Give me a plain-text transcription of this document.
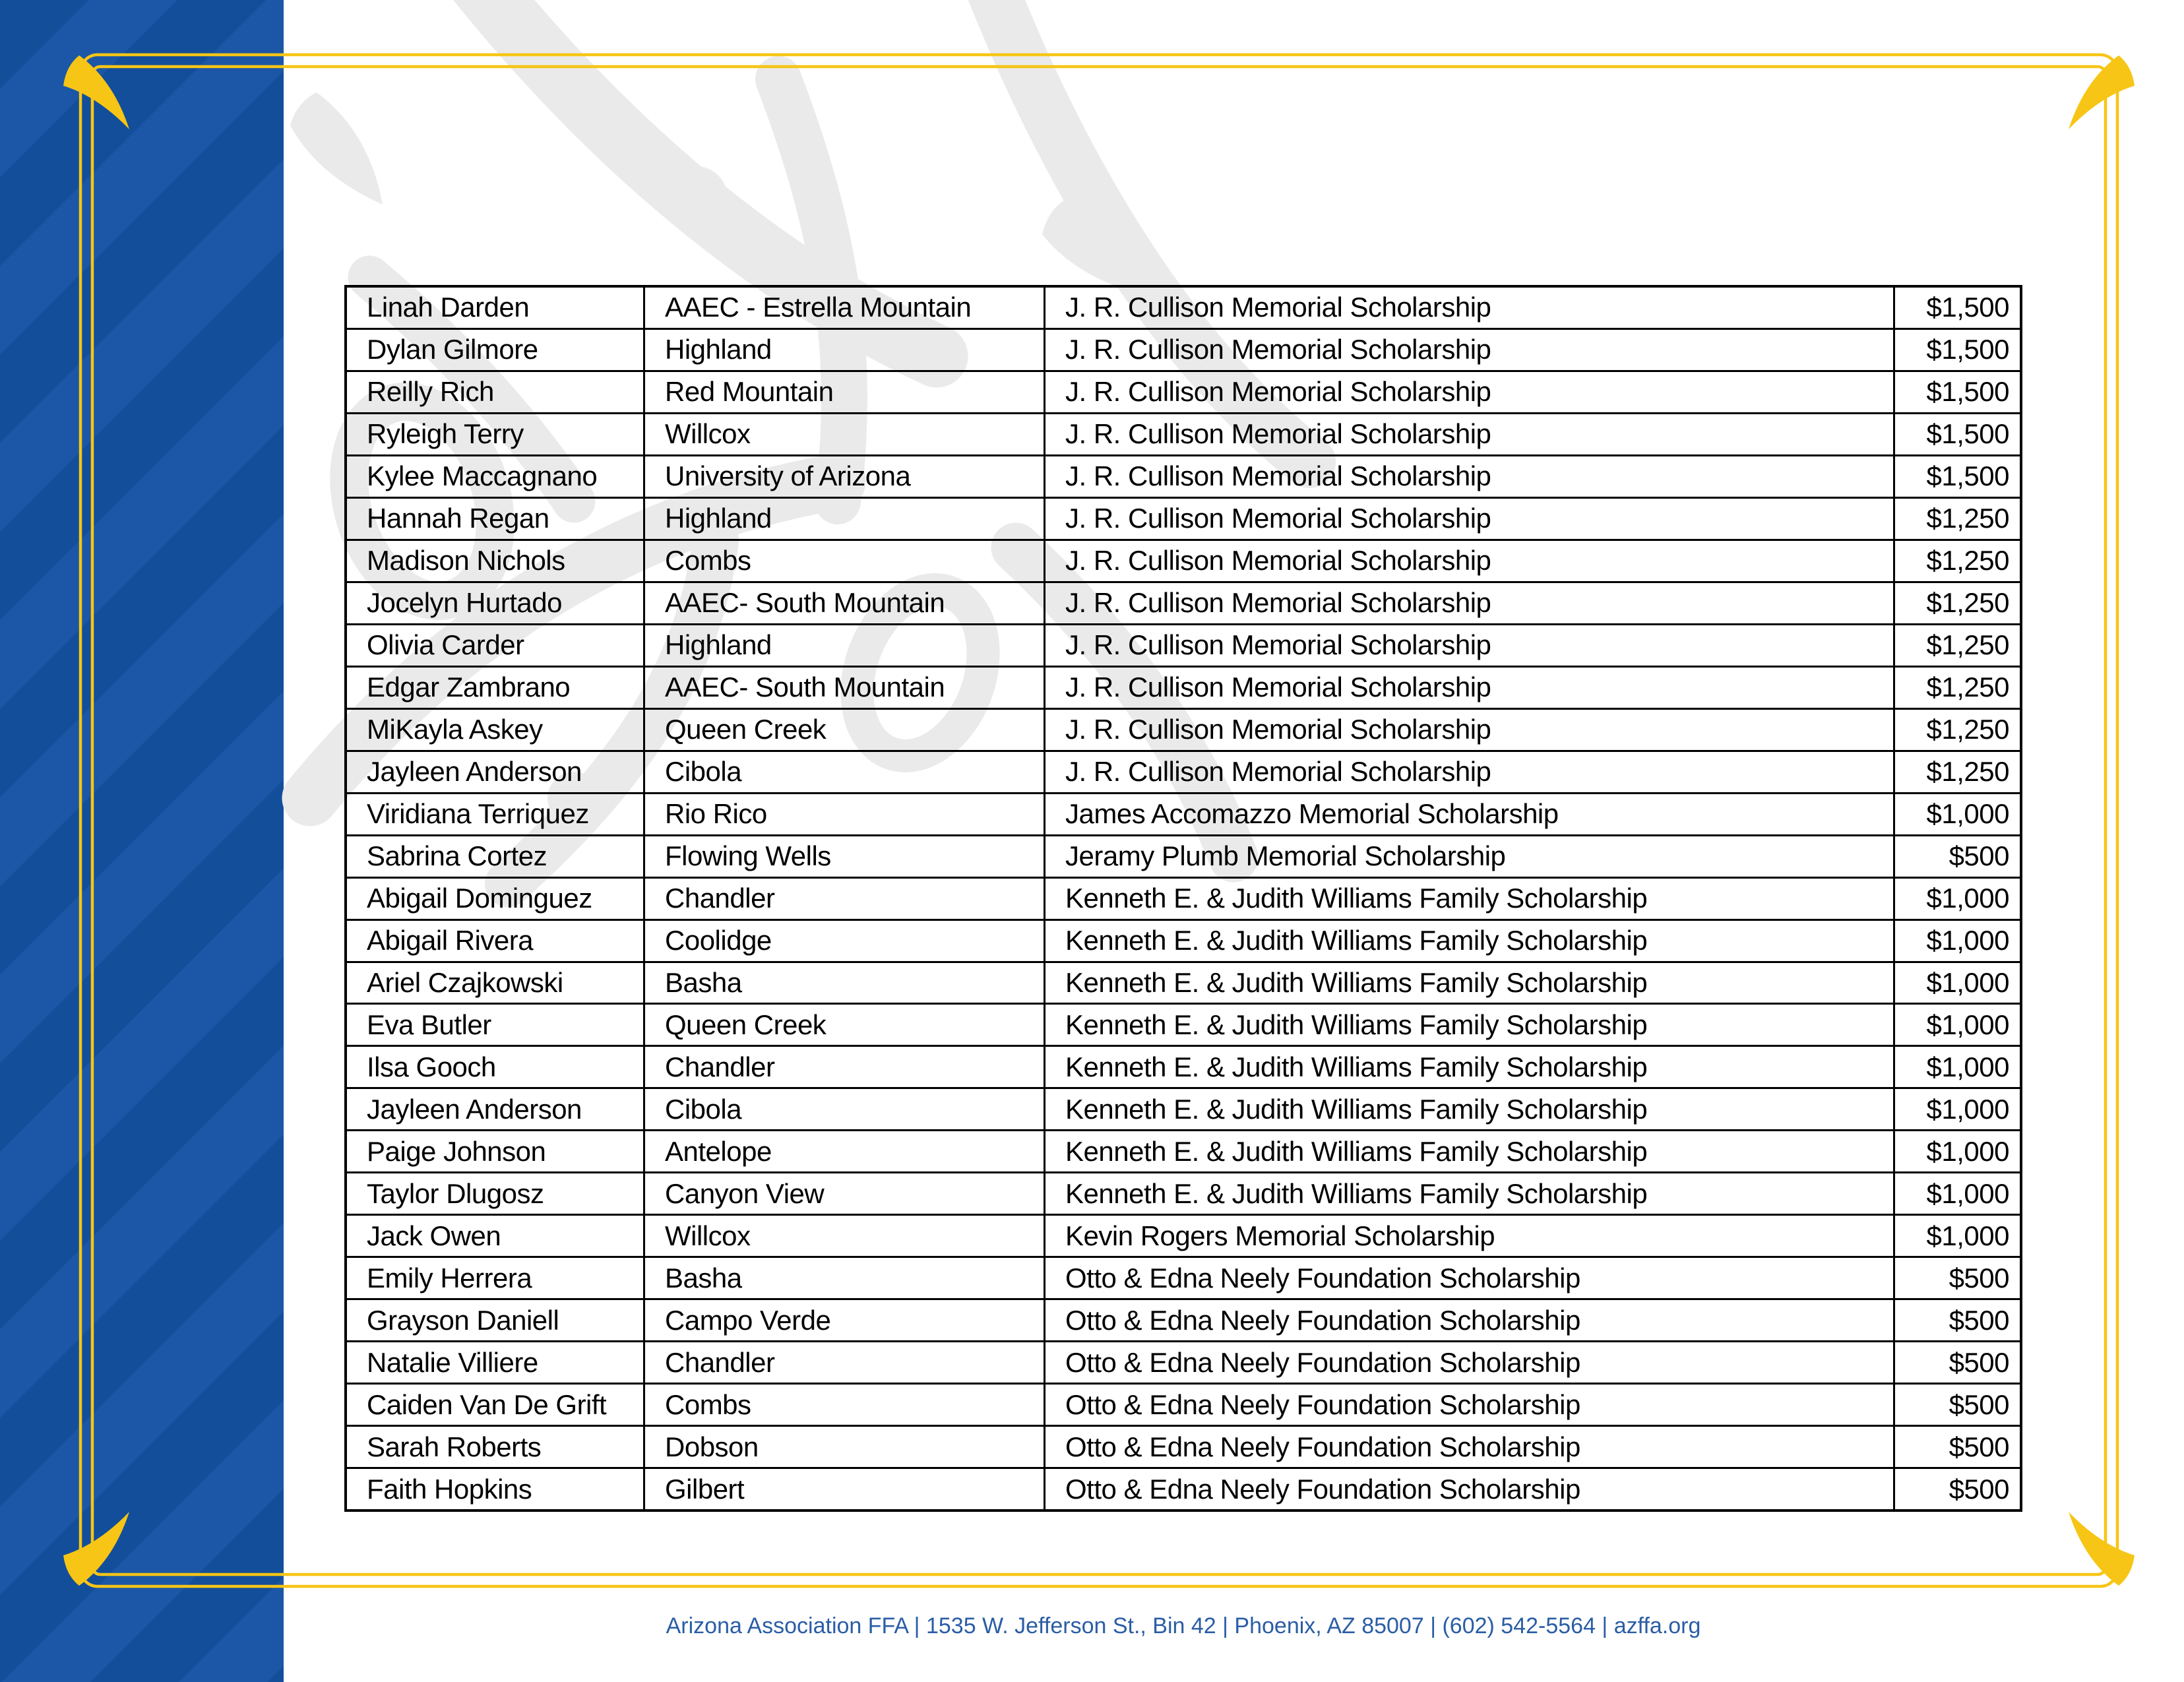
Linah Darden	AAEC - Estrella Mountain	J. R. Cullison Memorial Scholarship	$1,500
Dylan Gilmore	Highland	J. R. Cullison Memorial Scholarship	$1,500
Reilly Rich	Red Mountain	J. R. Cullison Memorial Scholarship	$1,500
Ryleigh Terry	Willcox	J. R. Cullison Memorial Scholarship	$1,500
Kylee Maccagnano	University of Arizona	J. R. Cullison Memorial Scholarship	$1,500
Hannah Regan	Highland	J. R. Cullison Memorial Scholarship	$1,250
Madison Nichols	Combs	J. R. Cullison Memorial Scholarship	$1,250
Jocelyn Hurtado	AAEC- South Mountain	J. R. Cullison Memorial Scholarship	$1,250
Olivia Carder	Highland	J. R. Cullison Memorial Scholarship	$1,250
Edgar Zambrano	AAEC- South Mountain	J. R. Cullison Memorial Scholarship	$1,250
MiKayla Askey	Queen Creek	J. R. Cullison Memorial Scholarship	$1,250
Jayleen Anderson	Cibola	J. R. Cullison Memorial Scholarship	$1,250
Viridiana Terriquez	Rio Rico	James Accomazzo Memorial Scholarship	$1,000
Sabrina Cortez	Flowing Wells	Jeramy Plumb Memorial Scholarship	$500
Abigail Dominguez	Chandler	Kenneth E. & Judith Williams Family Scholarship	$1,000
Abigail Rivera	Coolidge	Kenneth E. & Judith Williams Family Scholarship	$1,000
Ariel Czajkowski	Basha	Kenneth E. & Judith Williams Family Scholarship	$1,000
Eva Butler	Queen Creek	Kenneth E. & Judith Williams Family Scholarship	$1,000
Ilsa Gooch	Chandler	Kenneth E. & Judith Williams Family Scholarship	$1,000
Jayleen Anderson	Cibola	Kenneth E. & Judith Williams Family Scholarship	$1,000
Paige Johnson	Antelope	Kenneth E. & Judith Williams Family Scholarship	$1,000
Taylor Dlugosz	Canyon View	Kenneth E. & Judith Williams Family Scholarship	$1,000
Jack Owen	Willcox	Kevin Rogers Memorial Scholarship	$1,000
Emily Herrera	Basha	Otto & Edna Neely Foundation Scholarship	$500
Grayson Daniell	Campo Verde	Otto & Edna Neely Foundation Scholarship	$500
Natalie Villiere	Chandler	Otto & Edna Neely Foundation Scholarship	$500
Caiden Van De Grift	Combs	Otto & Edna Neely Foundation Scholarship	$500
Sarah Roberts	Dobson	Otto & Edna Neely Foundation Scholarship	$500
Faith Hopkins	Gilbert	Otto & Edna Neely Foundation Scholarship	$500
Arizona Association FFA | 1535 W. Jefferson St., Bin 42 | Phoenix, AZ 85007 | (602) 542-5564 | azffa.org
